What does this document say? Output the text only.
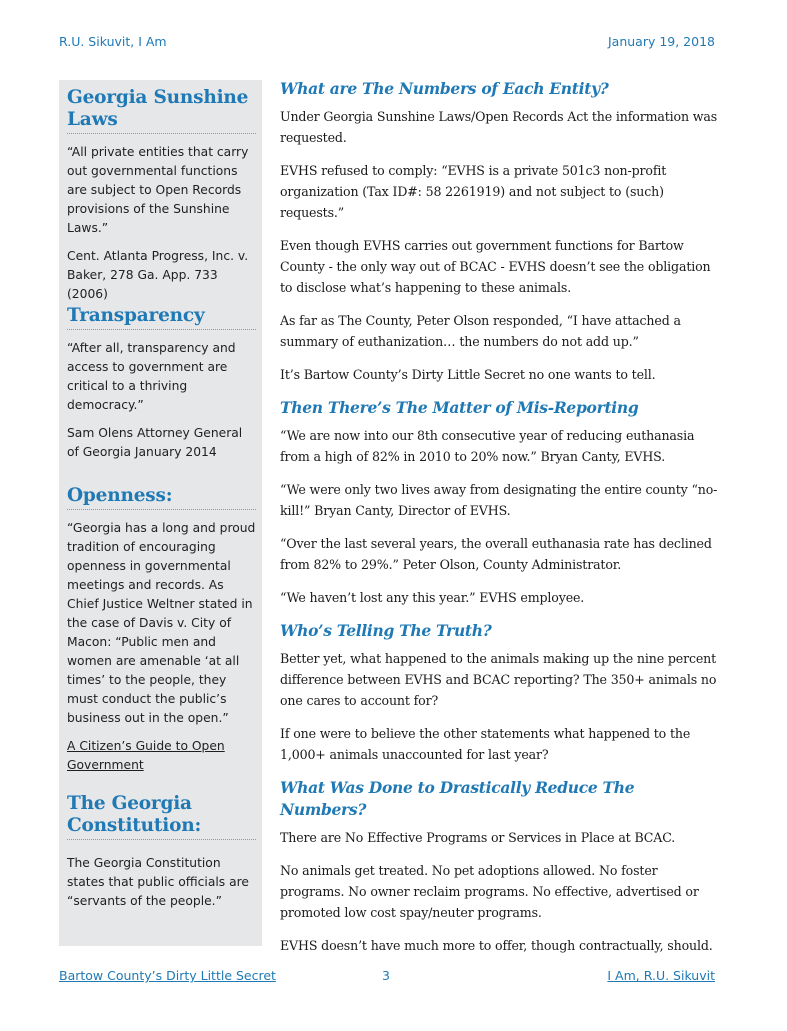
R.U. Sikuvit, I Am	January 19, 2018
Georgia Sunshine Laws

“All private entities that carry out governmental functions are subject to Open Records provisions of the Sunshine Laws.”

Cent. Atlanta Progress, Inc. v. Baker, 278 Ga. App. 733 (2006)

Transparency

“After all, transparency and access to government are critical to a thriving democracy.”

Sam Olens Attorney General of Georgia January 2014

Openness:

“Georgia has a long and proud tradition of encouraging openness in governmental meetings and records. As Chief Justice Weltner stated in the case of Davis v. City of Macon: “Public men and women are amenable ‘at all times’ to the people, they must conduct the public’s business out in the open.”

A Citizen’s Guide to Open Government

The Georgia Constitution:

The Georgia Constitution states that public officials are “servants of the people.”

What are The Numbers of Each Entity?

Under Georgia Sunshine Laws/Open Records Act the information was requested.

EVHS refused to comply: “EVHS is a private 501c3 non-profit organization (Tax ID#: 58 2261919) and not subject to (such) requests.”

Even though EVHS carries out government functions for Bartow County - the only way out of BCAC - EVHS doesn’t see the obligation to disclose what’s happening to these animals.

As far as The County, Peter Olson responded, “I have attached a summary of euthanization… the numbers do not add up.”

It’s Bartow County’s Dirty Little Secret no one wants to tell.

Then There’s The Matter of Mis-Reporting

“We are now into our 8th consecutive year of reducing euthanasia from a high of 82% in 2010 to 20% now.” Bryan Canty, EVHS.

“We were only two lives away from designating the entire county “no-kill!” Bryan Canty, Director of EVHS.

“Over the last several years, the overall euthanasia rate has declined from 82% to 29%.” Peter Olson, County Administrator.

“We haven’t lost any this year.” EVHS employee.

Who’s Telling The Truth?

Better yet, what happened to the animals making up the nine percent difference between EVHS and BCAC reporting? The 350+ animals no one cares to account for?

If one were to believe the other statements what happened to the 1,000+ animals unaccounted for last year?

What Was Done to Drastically Reduce The Numbers?

There are No Effective Programs or Services in Place at BCAC.

No animals get treated. No pet adoptions allowed. No foster programs. No owner reclaim programs. No effective, advertised or promoted low cost spay/neuter programs.

EVHS doesn’t have much more to offer, though contractually, should.

Bartow County’s Dirty Little Secret	3	I Am, R.U. Sikuvit
